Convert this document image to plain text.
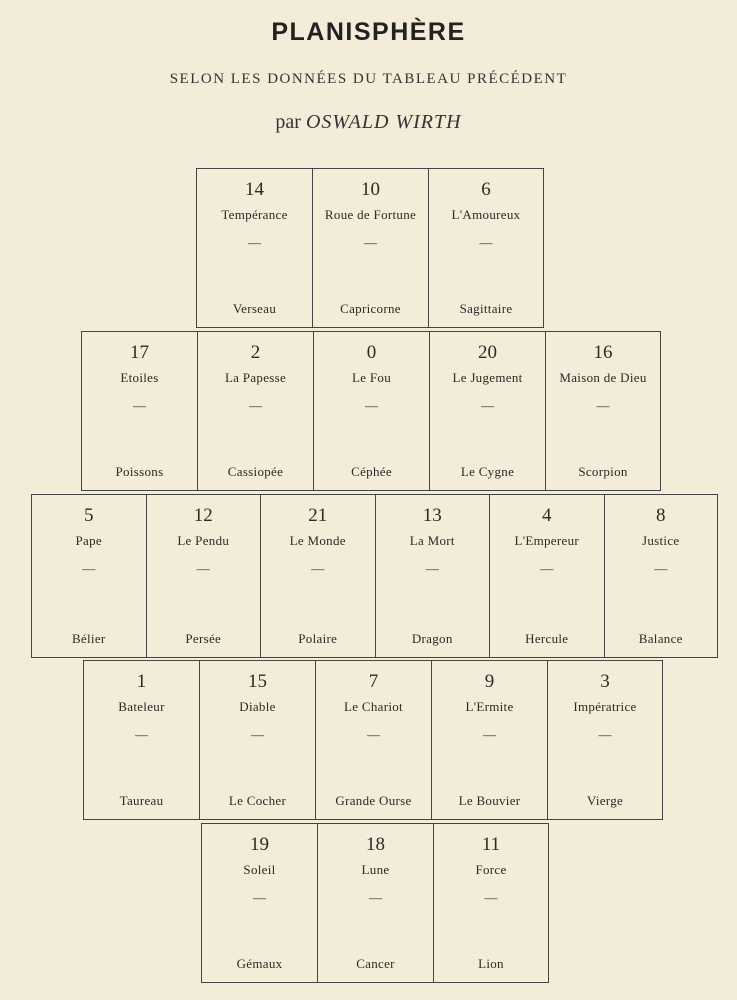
PLANISPHÈRE
SELON LES DONNÉES DU TABLEAU PRÉCÉDENT
par OSWALD WIRTH
14
Tempérance
—
Verseau
10
Roue de Fortune
—
Capricorne
6
L'Amoureux
—
Sagittaire
17
Etoiles
—
Poissons
2
La Papesse
—
Cassiopée
0
Le Fou
—
Céphée
20
Le Jugement
—
Le Cygne
16
Maison de Dieu
—
Scorpion
5
Pape
—
Bélier
12
Le Pendu
—
Persée
21
Le Monde
—
Polaire
13
La Mort
—
Dragon
4
L'Empereur
—
Hercule
8
Justice
—
Balance
1
Bateleur
—
Taureau
15
Diable
—
Le Cocher
7
Le Chariot
—
Grande Ourse
9
L'Ermite
—
Le Bouvier
3
Impératrice
—
Vierge
19
Soleil
—
Gémaux
18
Lune
—
Cancer
11
Force
—
Lion
